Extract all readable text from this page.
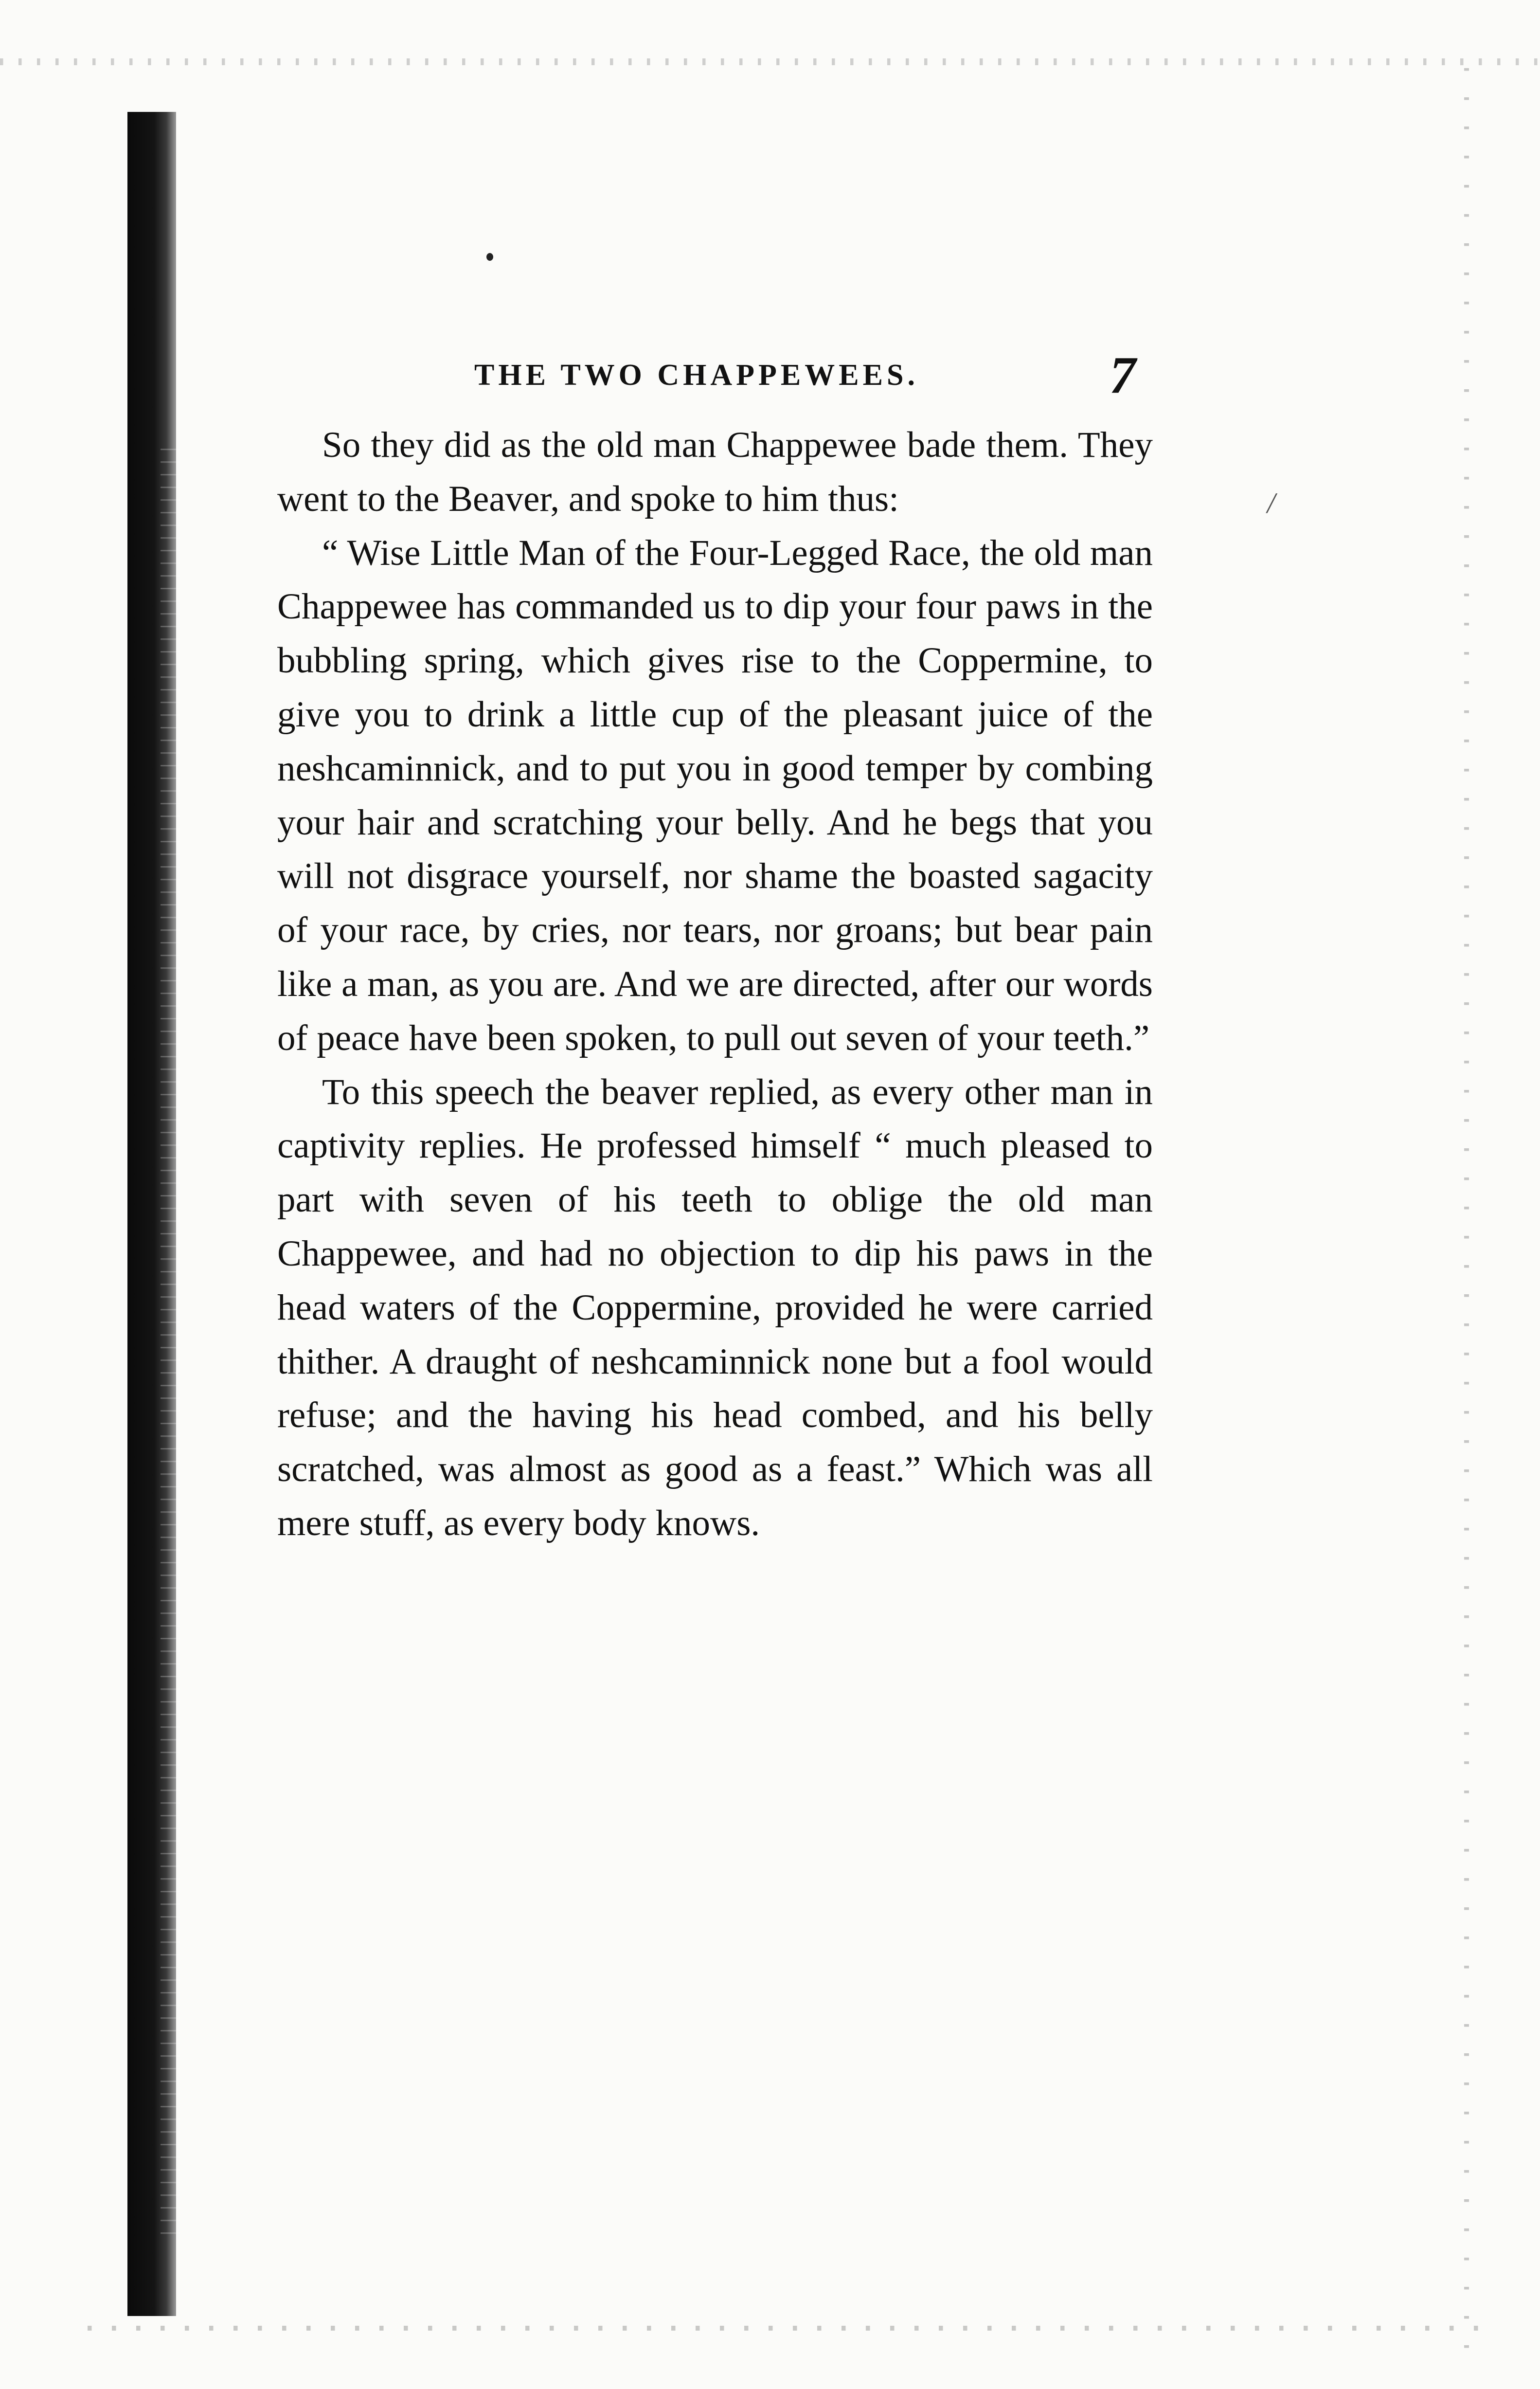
THE TWO CHAPPEWEES.	7

So they did as the old man Chappewee bade them. They went to the Beaver, and spoke to him thus:

“ Wise Little Man of the Four-Legged Race, the old man Chappewee has commanded us to dip your four paws in the bubbling spring, which gives rise to the Coppermine, to give you to drink a little cup of the pleasant juice of the neshcaminnick, and to put you in good temper by combing your hair and scratching your belly. And he begs that you will not disgrace yourself, nor shame the boasted sagacity of your race, by cries, nor tears, nor groans; but bear pain like a man, as you are. And we are directed, after our words of peace have been spoken, to pull out seven of your teeth.”

To this speech the beaver replied, as every other man in captivity replies. He professed himself “ much pleased to part with seven of his teeth to oblige the old man Chappewee, and had no objection to dip his paws in the head waters of the Coppermine, provided he were carried thither. A draught of neshcaminnick none but a fool would refuse; and the having his head combed, and his belly scratched, was almost as good as a feast.” Which was all mere stuff, as every body knows.

/
